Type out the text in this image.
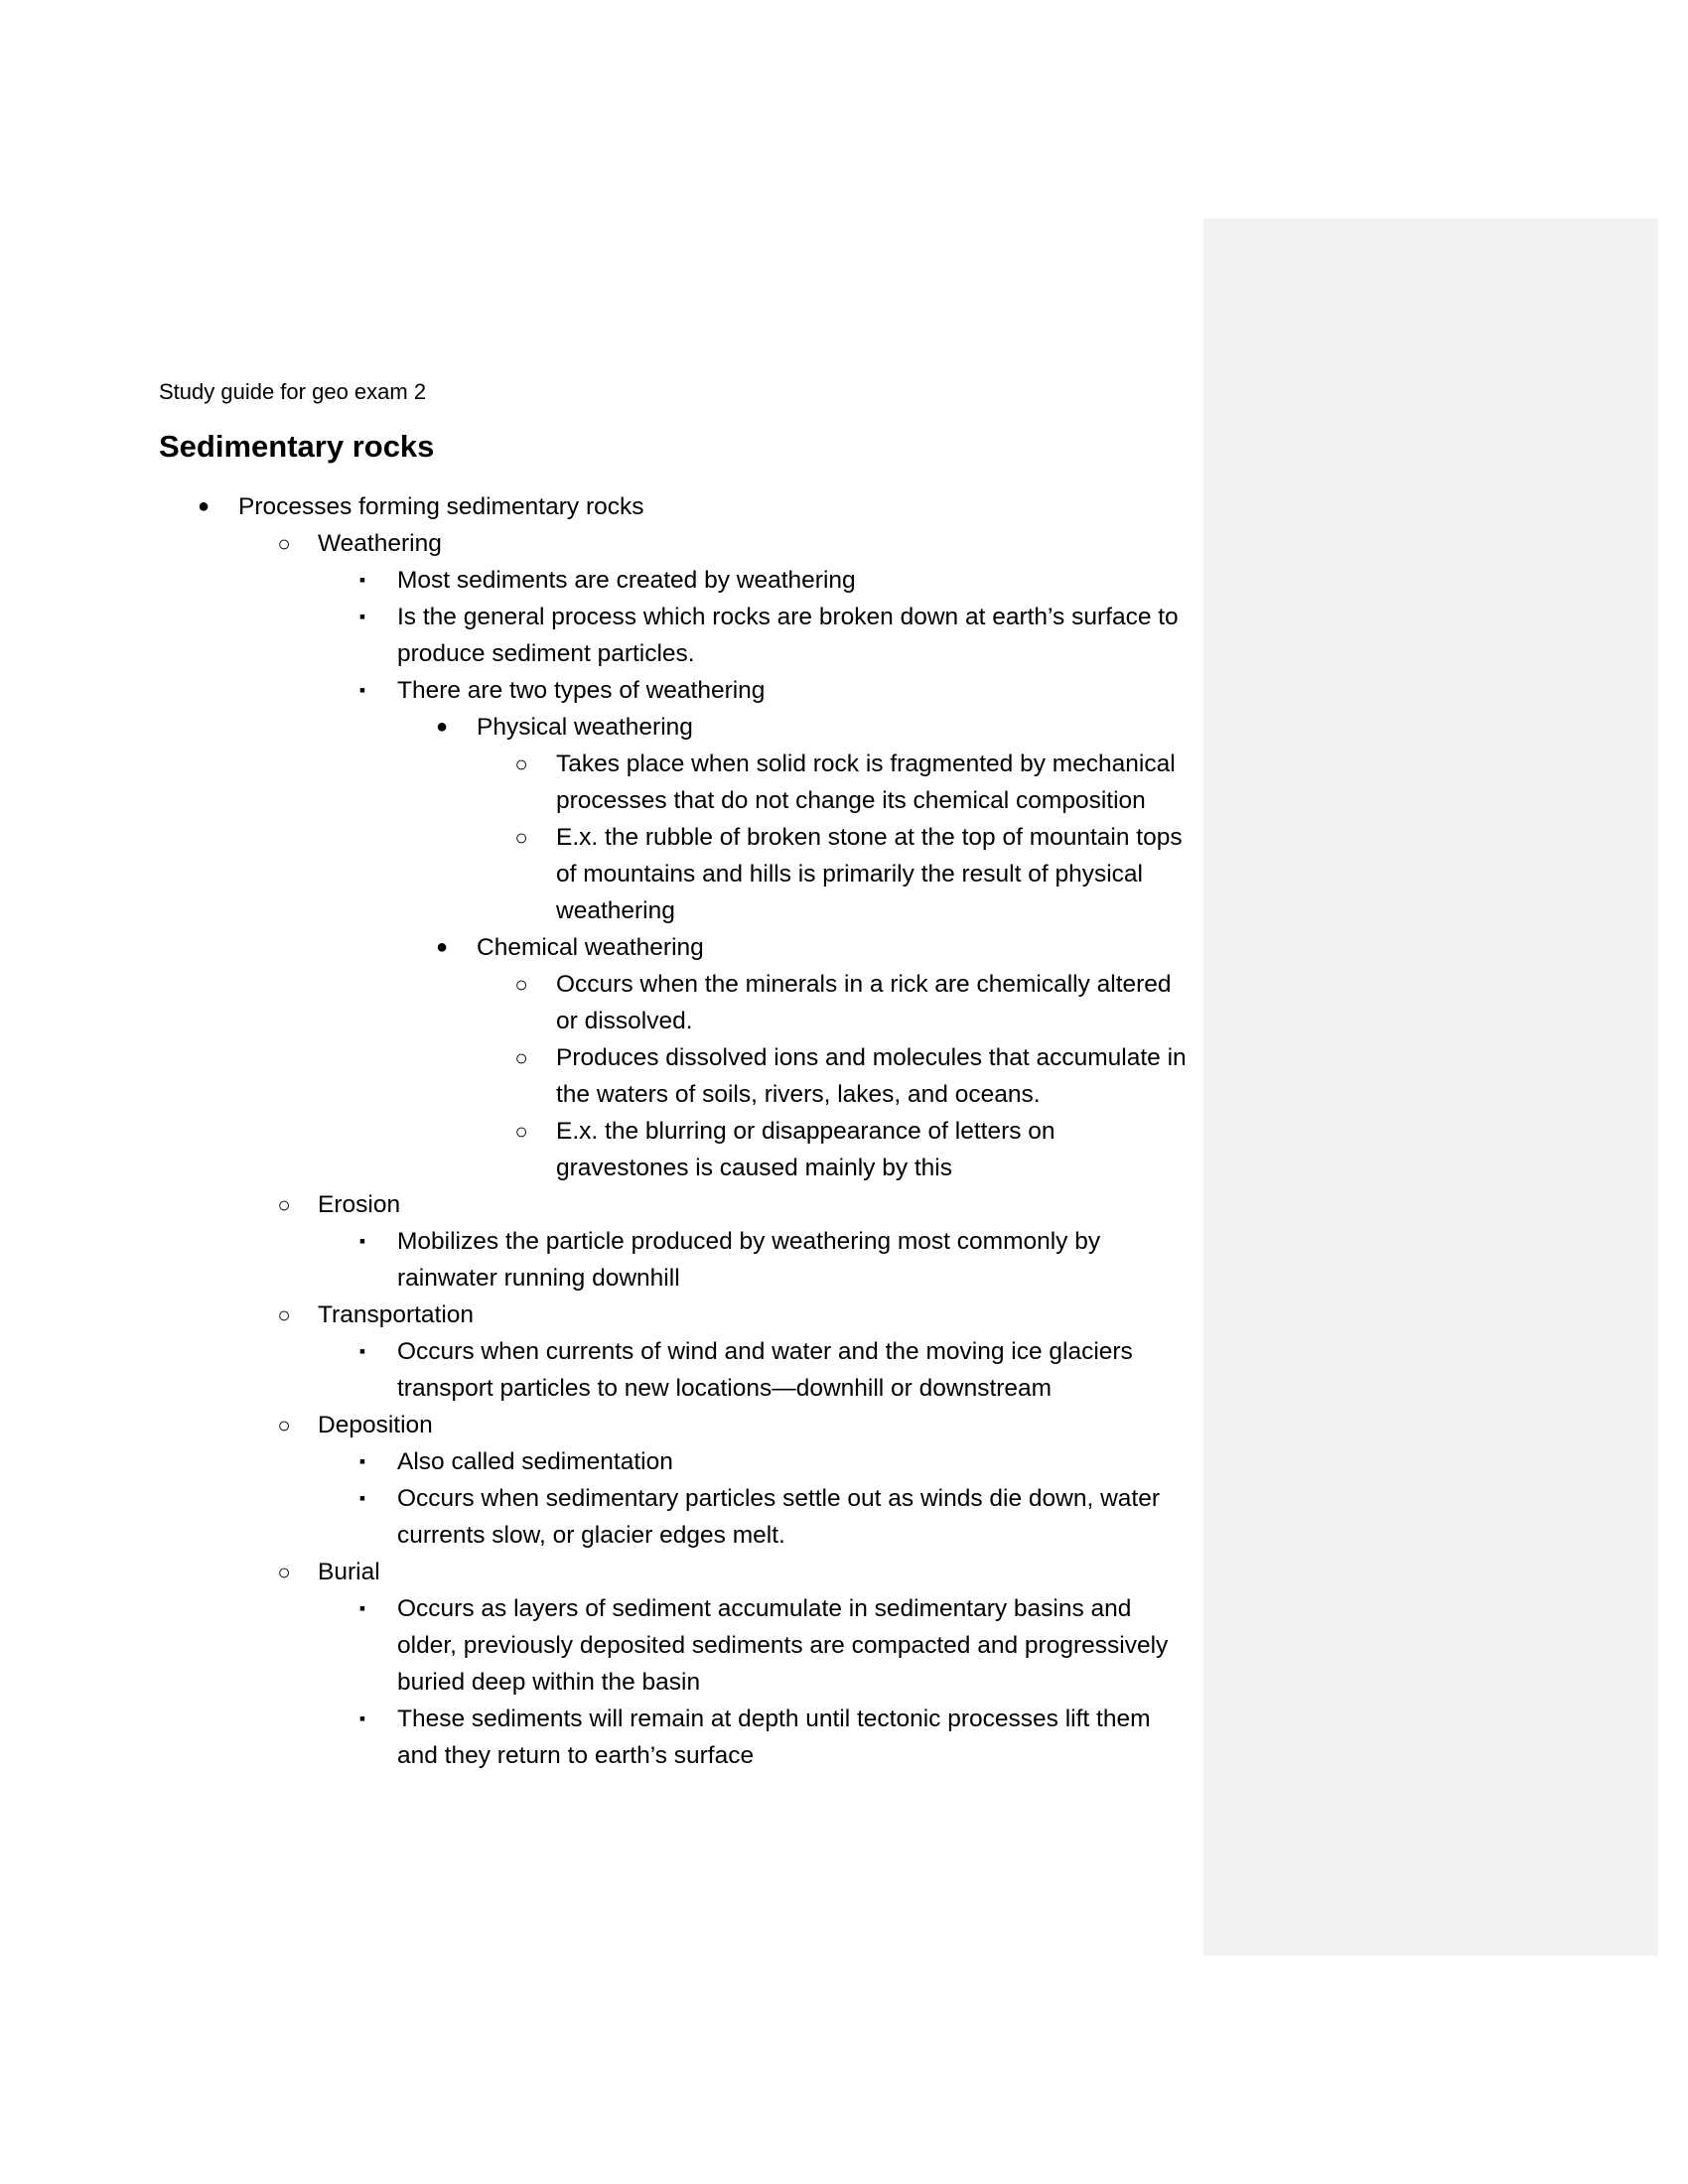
Study guide for geo exam 2
Sedimentary rocks
●	Processes forming sedimentary rocks
○	Weathering
▪	Most sediments are created by weathering
▪	Is the general process which rocks are broken down at earth’s surface to produce sediment particles.
▪	There are two types of weathering
●	Physical weathering
○	Takes place when solid rock is fragmented by mechanical processes that do not change its chemical composition
○	E.x. the rubble of broken stone at the top of mountain tops of mountains and hills is primarily the result of physical weathering
●	Chemical weathering
○	Occurs when the minerals in a rick are chemically altered or dissolved.
○	Produces dissolved ions and molecules that accumulate in the waters of soils, rivers, lakes, and oceans.
○	E.x. the blurring or disappearance of letters on gravestones is caused mainly by this
○	Erosion
▪	Mobilizes the particle produced by weathering most commonly by rainwater running downhill
○	Transportation
▪	Occurs when currents of wind and water and the moving ice glaciers transport particles to new locations—downhill or downstream
○	Deposition
▪	Also called sedimentation
▪	Occurs when sedimentary particles settle out as winds die down, water currents slow, or glacier edges melt.
○	Burial
▪	Occurs as layers of sediment accumulate in sedimentary basins and older, previously deposited sediments are compacted and progressively buried deep within the basin
▪	These sediments will remain at depth until tectonic processes lift them and they return to earth’s surface
